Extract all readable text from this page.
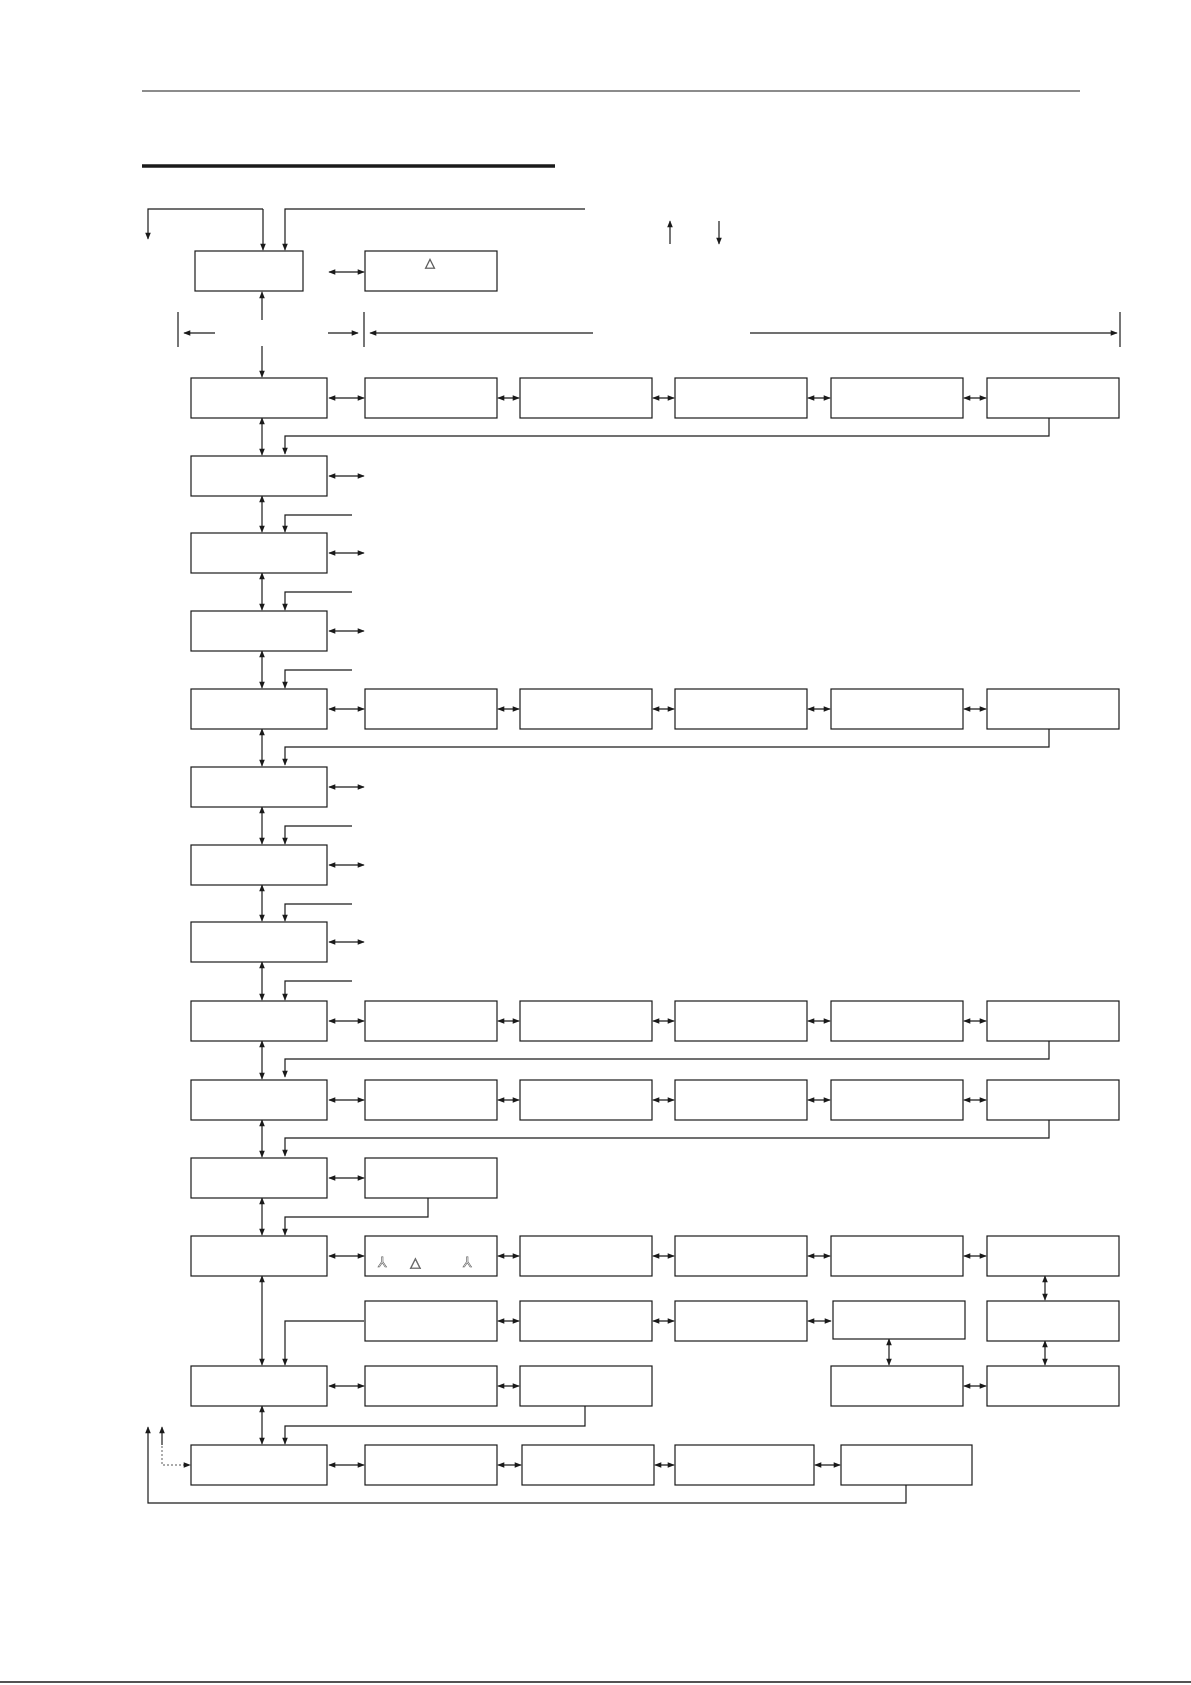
△
⅄ △	⅄
